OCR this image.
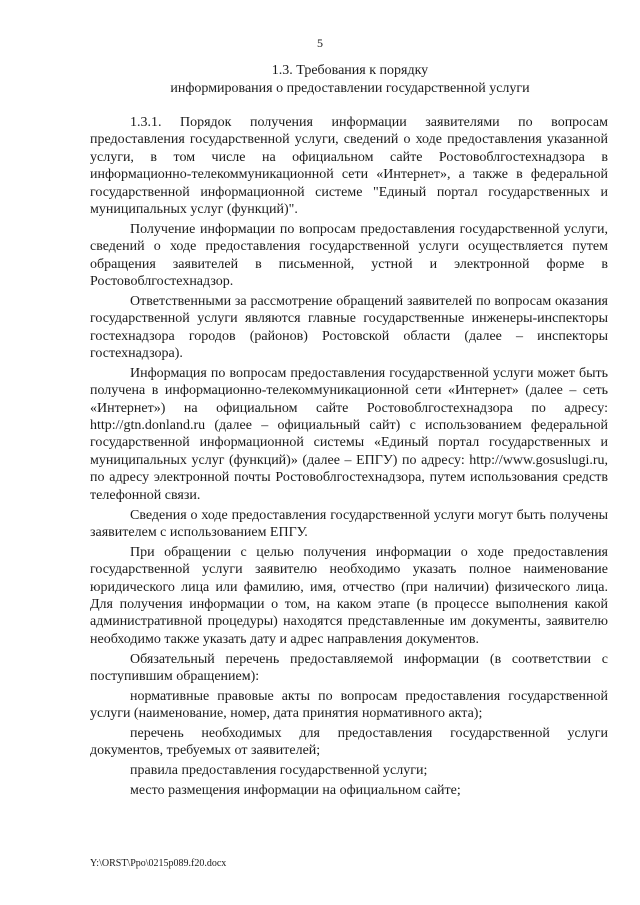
5
1.3. Требования к порядку
информирования о предоставлении государственной услуги

1.3.1. Порядок получения информации заявителями по вопросам предоставления государственной услуги, сведений о ходе предоставления указанной услуги, в том числе на официальном сайте Ростовоблгостехнадзора в информационно-телекоммуникационной сети «Интернет», а также в федеральной государственной информационной системе "Единый портал государственных и муниципальных услуг (функций)".

Получение информации по вопросам предоставления государственной услуги, сведений о ходе предоставления государственной услуги осуществляется путем обращения заявителей в письменной, устной и электронной форме в Ростовоблгостехнадзор.

Ответственными за рассмотрение обращений заявителей по вопросам оказания государственной услуги являются главные государственные инженеры-инспекторы гостехнадзора городов (районов) Ростовской области (далее – инспекторы гостехнадзора).

Информация по вопросам предоставления государственной услуги может быть получена в информационно-телекоммуникационной сети «Интернет» (далее – сеть «Интернет») на официальном сайте Ростовоблгостехнадзора по адресу: http://gtn.donland.ru (далее – официальный сайт) с использованием федеральной государственной информационной системы «Единый портал государственных и муниципальных услуг (функций)» (далее – ЕПГУ) по адресу: http://www.gosuslugi.ru, по адресу электронной почты Ростовоблгостехнадзора, путем использования средств телефонной связи.

Сведения о ходе предоставления государственной услуги могут быть получены заявителем с использованием ЕПГУ.

При обращении с целью получения информации о ходе предоставления государственной услуги заявителю необходимо указать полное наименование юридического лица или фамилию, имя, отчество (при наличии) физического лица. Для получения информации о том, на каком этапе (в процессе выполнения какой административной процедуры) находятся представленные им документы, заявителю необходимо также указать дату и адрес направления документов.

Обязательный перечень предоставляемой информации (в соответствии с поступившим обращением):

нормативные правовые акты по вопросам предоставления государственной услуги (наименование, номер, дата принятия нормативного акта);

перечень необходимых для предоставления государственной услуги документов, требуемых от заявителей;

правила предоставления государственной услуги;

место размещения информации на официальном сайте;

Y:\ORST\Ppo\0215p089.f20.docx
